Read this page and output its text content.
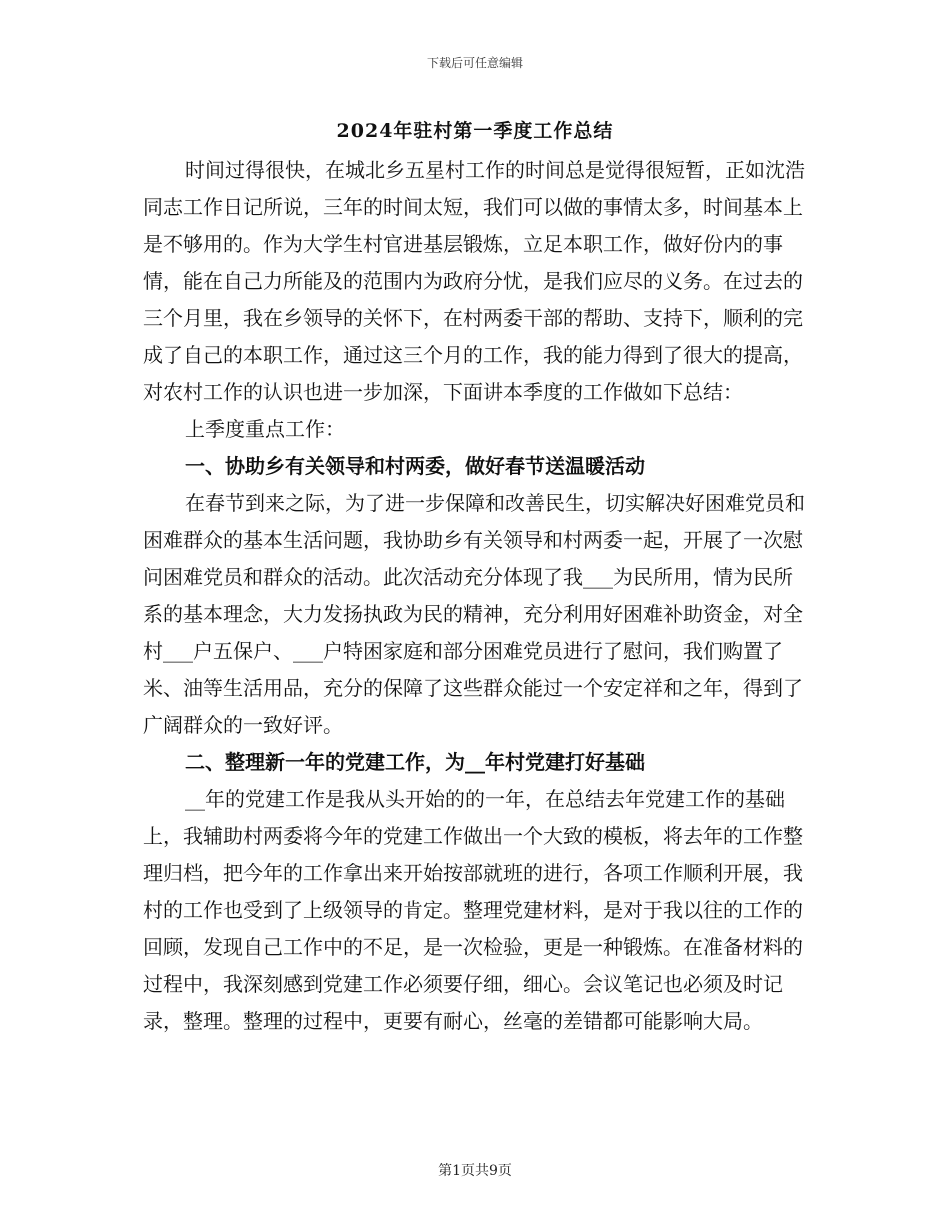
下载后可任意编辑
2024年驻村第一季度工作总结

时间过得很快，在城北乡五星村工作的时间总是觉得很短暂，正如沈浩同志工作日记所说，三年的时间太短，我们可以做的事情太多，时间基本上是不够用的。作为大学生村官进基层锻炼，立足本职工作，做好份内的事情，能在自己力所能及的范围内为政府分忧，是我们应尽的义务。在过去的三个月里，我在乡领导的关怀下，在村两委干部的帮助、支持下，顺利的完成了自己的本职工作，通过这三个月的工作，我的能力得到了很大的提高，对农村工作的认识也进一步加深，下面讲本季度的工作做如下总结：

上季度重点工作：

一、协助乡有关领导和村两委，做好春节送温暖活动

在春节到来之际，为了进一步保障和改善民生，切实解决好困难党员和困难群众的基本生活问题，我协助乡有关领导和村两委一起，开展了一次慰问困难党员和群众的活动。此次活动充分体现了我___为民所用，情为民所系的基本理念，大力发扬执政为民的精神，充分利用好困难补助资金，对全村___户五保户、___户特困家庭和部分困难党员进行了慰问，我们购置了米、油等生活用品，充分的保障了这些群众能过一个安定祥和之年，得到了广阔群众的一致好评。

二、整理新一年的党建工作，为__年村党建打好基础

__年的党建工作是我从头开始的的一年，在总结去年党建工作的基础上，我辅助村两委将今年的党建工作做出一个大致的模板，将去年的工作整理归档，把今年的工作拿出来开始按部就班的进行，各项工作顺利开展，我村的工作也受到了上级领导的肯定。整理党建材料，是对于我以往的工作的回顾，发现自己工作中的不足，是一次检验，更是一种锻炼。在准备材料的过程中，我深刻感到党建工作必须要仔细，细心。会议笔记也必须及时记录，整理。整理的过程中，更要有耐心，丝毫的差错都可能影响大局。

第1页共9页
